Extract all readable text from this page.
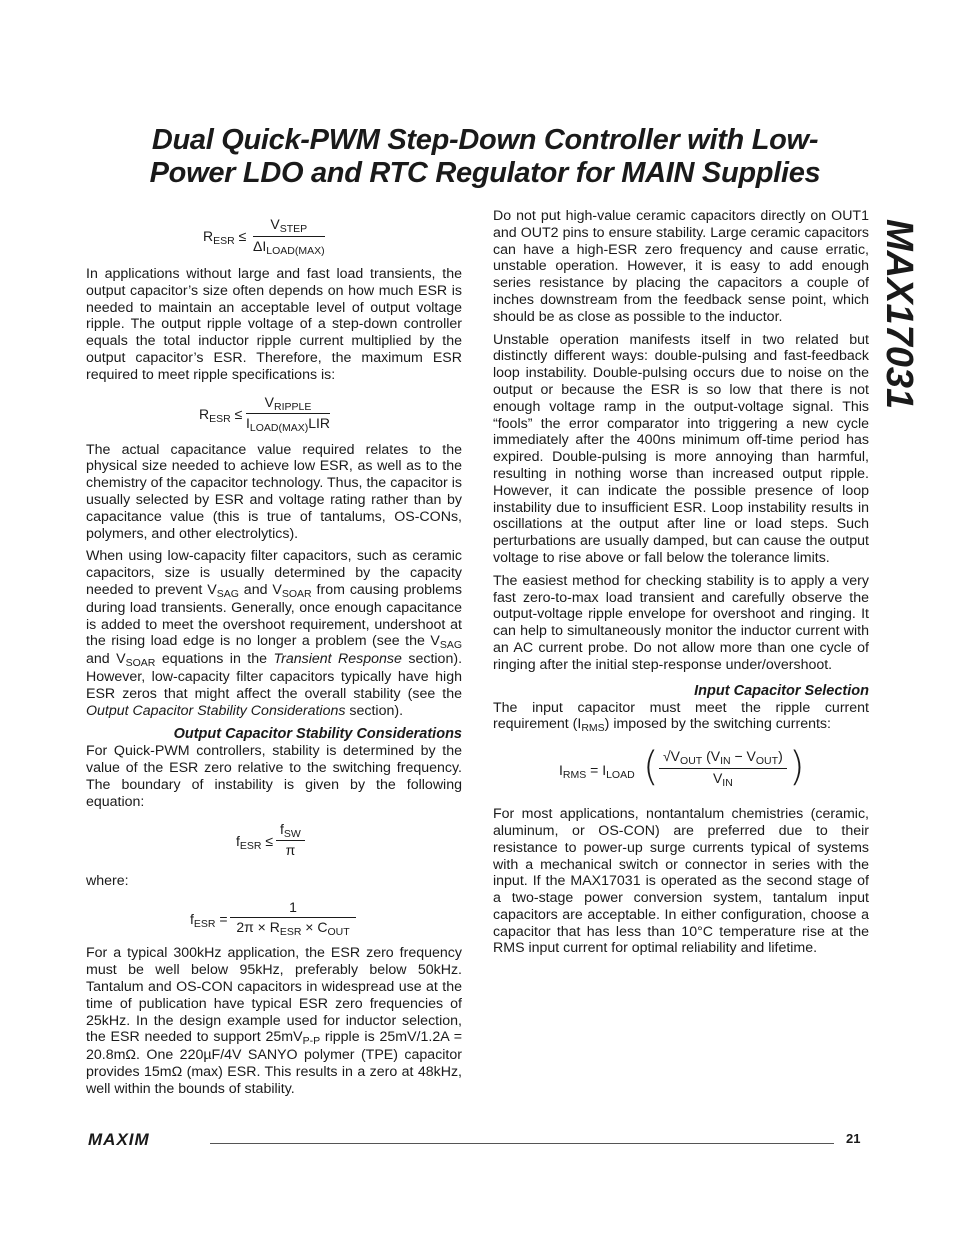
Dual Quick-PWM Step-Down Controller with Low-
Power LDO and RTC Regulator for MAIN Supplies
MAX17031
$R_{ESR}$ ≤
$V_{STEP}$
$\Delta I_{LOAD(MAX)}$

In applications without large and fast load transients, the output capacitor’s size often depends on how much ESR is needed to maintain an acceptable level of output voltage ripple. The output ripple voltage of a step-down controller equals the total inductor ripple current multiplied by the output capacitor’s ESR. Therefore, the maximum ESR required to meet ripple specifications is:

$R_{ESR}$ ≤
$V_{RIPPLE}$
$I_{LOAD(MAX)}LIR$

The actual capacitance value required relates to the physical size needed to achieve low ESR, as well as to the chemistry of the capacitor technology. Thus, the capacitor is usually selected by ESR and voltage rating rather than by capacitance value (this is true of tantalums, OS-CONs, polymers, and other electrolytics).

When using low-capacity filter capacitors, such as ceramic capacitors, size is usually determined by the capacity needed to prevent $V_{SAG}$ and $V_{SOAR}$ from causing problems during load transients. Generally, once enough capacitance is added to meet the overshoot requirement, undershoot at the rising load edge is no longer a problem (see the $V_{SAG}$ and $V_{SOAR}$ equations in the Transient Response section). However, low-capacity filter capacitors typically have high ESR zeros that might affect the overall stability (see the Output Capacitor Stability Considerations section).

Output Capacitor Stability Considerations

For Quick-PWM controllers, stability is determined by the value of the ESR zero relative to the switching frequency. The boundary of instability is given by the following equation:

$f_{ESR}$ ≤
$f_{SW}$
π

where:

$f_{ESR}$ =
1
$2\pi \times R_{ESR} \times C_{OUT}$

For a typical 300kHz application, the ESR zero frequency must be well below 95kHz, preferably below 50kHz. Tantalum and OS-CON capacitors in widespread use at the time of publication have typical ESR zero frequencies of 25kHz. In the design example used for inductor selection, the ESR needed to support $25mV_{P-P}$ ripple is 25mV/1.2A = 20.8mΩ. One 220µF/4V SANYO polymer (TPE) capacitor provides 15mΩ (max) ESR. This results in a zero at 48kHz, well within the bounds of stability.

Do not put high-value ceramic capacitors directly on OUT1 and OUT2 pins to ensure stability. Large ceramic capacitors can have a high-ESR zero frequency and cause erratic, unstable operation. However, it is easy to add enough series resistance by placing the capacitors a couple of inches downstream from the feedback sense point, which should be as close as possible to the inductor.

Unstable operation manifests itself in two related but distinctly different ways: double-pulsing and fast-feedback loop instability. Double-pulsing occurs due to noise on the output or because the ESR is so low that there is not enough voltage ramp in the output-voltage signal. This “fools” the error comparator into triggering a new cycle immediately after the 400ns minimum off-time period has expired. Double-pulsing is more annoying than harmful, resulting in nothing worse than increased output ripple. However, it can indicate the possible presence of loop instability due to insufficient ESR. Loop instability results in oscillations at the output after line or load steps. Such perturbations are usually damped, but can cause the output voltage to rise above or fall below the tolerance limits.

The easiest method for checking stability is to apply a very fast zero-to-max load transient and carefully observe the output-voltage ripple envelope for overshoot and ringing. It can help to simultaneously monitor the inductor current with an AC current probe. Do not allow more than one cycle of ringing after the initial step-response under/overshoot.

Input Capacitor Selection

The input capacitor must meet the ripple current requirement $(I_{RMS})$ imposed by the switching currents:

$I_{RMS} = I_{LOAD}$ ( $√V_{OUT}$ $(V_{IN} - V_{OUT})$
$V_{IN}$	)

For most applications, nontantalum chemistries (ceramic, aluminum, or OS-CON) are preferred due to their resistance to power-up surge currents typical of systems with a mechanical switch or connector in series with the input. If the MAX17031 is operated as the second stage of a two-stage power conversion system, tantalum input capacitors are acceptable. In either configuration, choose a capacitor that has less than 10°C temperature rise at the RMS input current for optimal reliability and lifetime.

MAXIM	21
